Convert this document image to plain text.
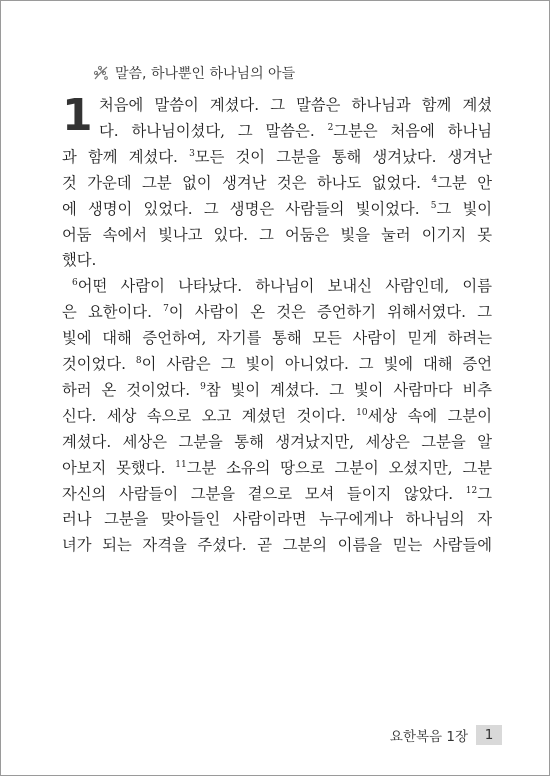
말씀, 하나뿐인 하나님의 아들
1 처음에 말씀이 계셨다. 그 말씀은 하나님과 함께 계셨
다. 하나님이셨다, 그 말씀은. $^2$그분은 처음에 하나님
과 함께 계셨다. $^3$모든 것이 그분을 통해 생겨났다. 생겨난
것 가운데 그분 없이 생겨난 것은 하나도 없었다. $^4$그분 안
에 생명이 있었다. 그 생명은 사람들의 빛이었다. $^5$그 빛이
어둠 속에서 빛나고 있다. 그 어둠은 빛을 눌러 이기지 못
했다.
$^6$어떤 사람이 나타났다. 하나님이 보내신 사람인데, 이름
은 요한이다. $^7$이 사람이 온 것은 증언하기 위해서였다. 그
빛에 대해 증언하여, 자기를 통해 모든 사람이 믿게 하려는
것이었다. $^8$이 사람은 그 빛이 아니었다. 그 빛에 대해 증언
하러 온 것이었다. $^9$참 빛이 계셨다. 그 빛이 사람마다 비추
신다. 세상 속으로 오고 계셨던 것이다. $^{10}$세상 속에 그분이
계셨다. 세상은 그분을 통해 생겨났지만, 세상은 그분을 알
아보지 못했다. $^{11}$그분 소유의 땅으로 그분이 오셨지만, 그분
자신의 사람들이 그분을 곁으로 모셔 들이지 않았다. $^{12}$그
러나 그분을 맞아들인 사람이라면 누구에게나 하나님의 자
녀가 되는 자격을 주셨다. 곧 그분의 이름을 믿는 사람들에
요한복음 1장	1
